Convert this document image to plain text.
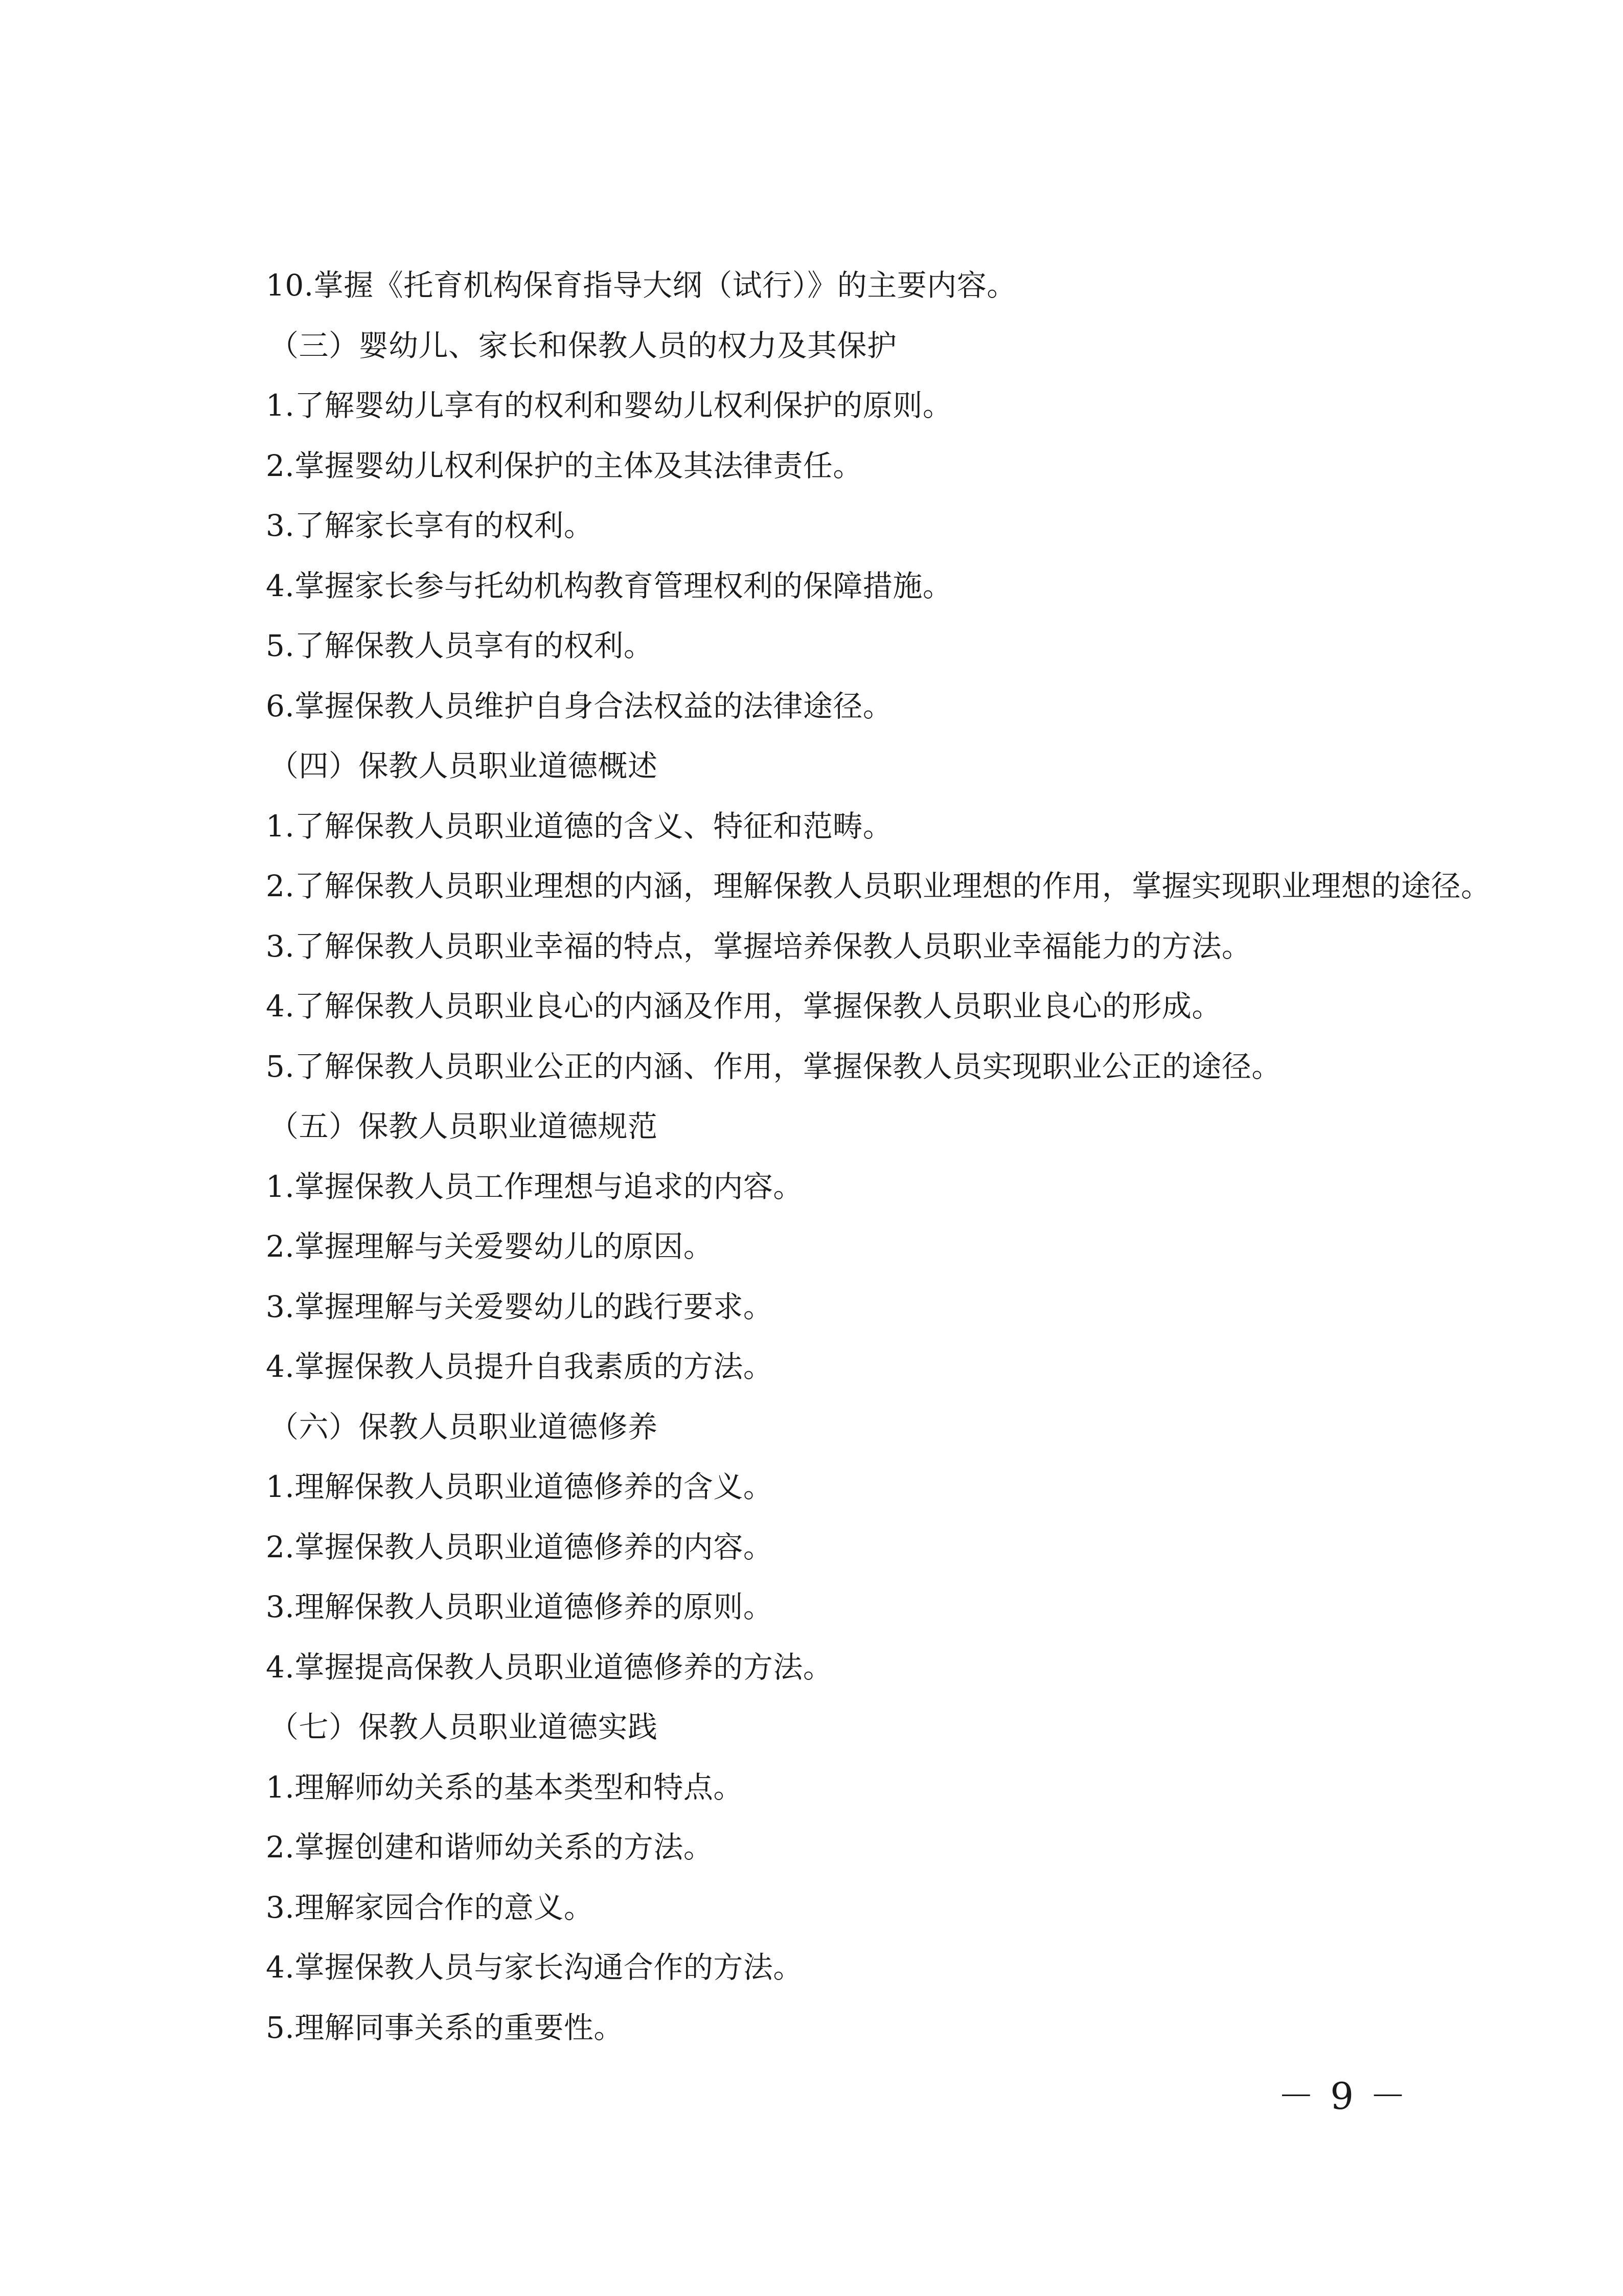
10.掌握《托育机构保育指导大纲（试行）》的主要内容。
（三）婴幼儿、家长和保教人员的权力及其保护
1.了解婴幼儿享有的权利和婴幼儿权利保护的原则。
2.掌握婴幼儿权利保护的主体及其法律责任。
3.了解家长享有的权利。
4.掌握家长参与托幼机构教育管理权利的保障措施。
5.了解保教人员享有的权利。
6.掌握保教人员维护自身合法权益的法律途径。
（四）保教人员职业道德概述
1.了解保教人员职业道德的含义、特征和范畴。
2.了解保教人员职业理想的内涵，理解保教人员职业理想的作用，掌握实现职业理想的途径。
3.了解保教人员职业幸福的特点，掌握培养保教人员职业幸福能力的方法。
4.了解保教人员职业良心的内涵及作用，掌握保教人员职业良心的形成。
5.了解保教人员职业公正的内涵、作用，掌握保教人员实现职业公正的途径。
（五）保教人员职业道德规范
1.掌握保教人员工作理想与追求的内容。
2.掌握理解与关爱婴幼儿的原因。
3.掌握理解与关爱婴幼儿的践行要求。
4.掌握保教人员提升自我素质的方法。
（六）保教人员职业道德修养
1.理解保教人员职业道德修养的含义。
2.掌握保教人员职业道德修养的内容。
3.理解保教人员职业道德修养的原则。
4.掌握提高保教人员职业道德修养的方法。
（七）保教人员职业道德实践
1.理解师幼关系的基本类型和特点。
2.掌握创建和谐师幼关系的方法。
3.理解家园合作的意义。
4.掌握保教人员与家长沟通合作的方法。
5.理解同事关系的重要性。
－ 9 －
